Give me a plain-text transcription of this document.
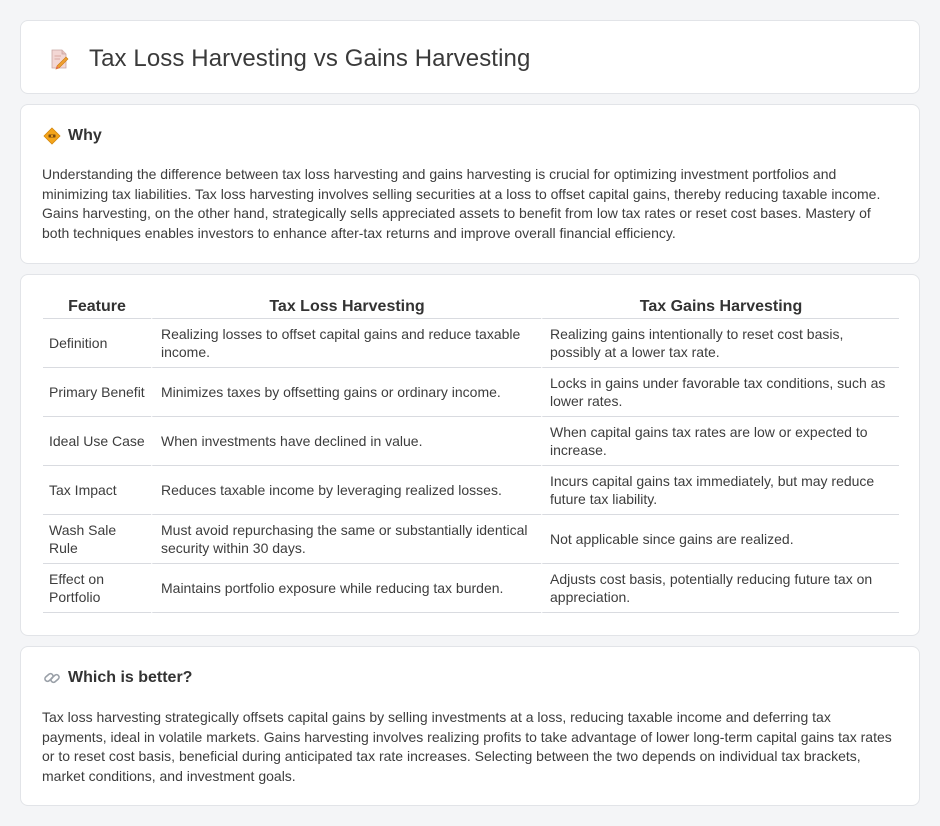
Tax Loss Harvesting vs Gains Harvesting
Why

Understanding the difference between tax loss harvesting and gains harvesting is crucial for optimizing investment portfolios and minimizing tax liabilities. Tax loss harvesting involves selling securities at a loss to offset capital gains, thereby reducing taxable income. Gains harvesting, on the other hand, strategically sells appreciated assets to benefit from low tax rates or reset cost bases. Mastery of both techniques enables investors to enhance after-tax returns and improve overall financial efficiency.

Feature	Tax Loss Harvesting	Tax Gains Harvesting
Definition	Realizing losses to offset capital gains and reduce taxable income.	Realizing gains intentionally to reset cost basis, possibly at a lower tax rate.
Primary Benefit	Minimizes taxes by offsetting gains or ordinary income.	Locks in gains under favorable tax conditions, such as lower rates.
Ideal Use Case	When investments have declined in value.	When capital gains tax rates are low or expected to increase.
Tax Impact	Reduces taxable income by leveraging realized losses.	Incurs capital gains tax immediately, but may reduce future tax liability.
Wash Sale Rule	Must avoid repurchasing the same or substantially identical security within 30 days.	Not applicable since gains are realized.
Effect on Portfolio	Maintains portfolio exposure while reducing tax burden.	Adjusts cost basis, potentially reducing future tax on appreciation.
Which is better?

Tax loss harvesting strategically offsets capital gains by selling investments at a loss, reducing taxable income and deferring tax payments, ideal in volatile markets. Gains harvesting involves realizing profits to take advantage of lower long-term capital gains tax rates or to reset cost basis, beneficial during anticipated tax rate increases. Selecting between the two depends on individual tax brackets, market conditions, and investment goals.
